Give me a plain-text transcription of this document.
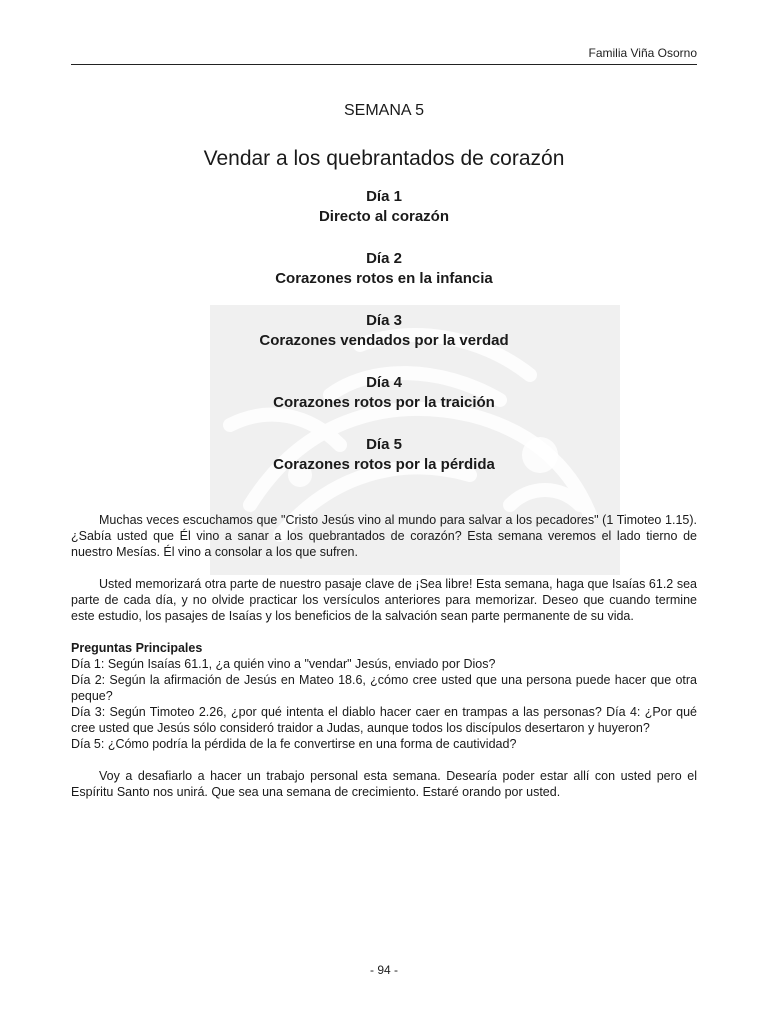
Familia Viña Osorno

SEMANA 5

Vendar a los quebrantados de corazón
Día 1
Directo al corazón
Día 2
Corazones rotos en la infancia
Día 3
Corazones vendados por la verdad
Día 4
Corazones rotos por la traición
Día 5
Corazones rotos por la pérdida

Muchas veces escuchamos que "Cristo Jesús vino al mundo para salvar a los pecadores" (1 Timoteo 1.15). ¿Sabía usted que Él vino a sanar a los quebrantados de corazón? Esta semana veremos el lado tierno de nuestro Mesías. Él vino a consolar a los que sufren.

Usted memorizará otra parte de nuestro pasaje clave de ¡Sea libre! Esta semana, haga que Isaías 61.2 sea parte de cada día, y no olvide practicar los versículos anteriores para memorizar. Deseo que cuando termine este estudio, los pasajes de Isaías y los beneficios de la salvación sean parte permanente de su vida.

Preguntas Principales

Día 1: Según Isaías 61.1, ¿a quién vino a "vendar" Jesús, enviado por Dios?
Día 2: Según la afirmación de Jesús en Mateo 18.6, ¿cómo cree usted que una persona puede hacer que otra peque?
Día 3: Según Timoteo 2.26, ¿por qué intenta el diablo hacer caer en trampas a las personas? Día 4: ¿Por qué cree usted que Jesús sólo consideró traidor a Judas, aunque todos los discípulos desertaron y huyeron?
Día 5: ¿Cómo podría la pérdida de la fe convertirse en una forma de cautividad?

Voy a desafiarlo a hacer un trabajo personal esta semana. Desearía poder estar allí con usted pero el Espíritu Santo nos unirá. Que sea una semana de crecimiento. Estaré orando por usted.

- 94 -
